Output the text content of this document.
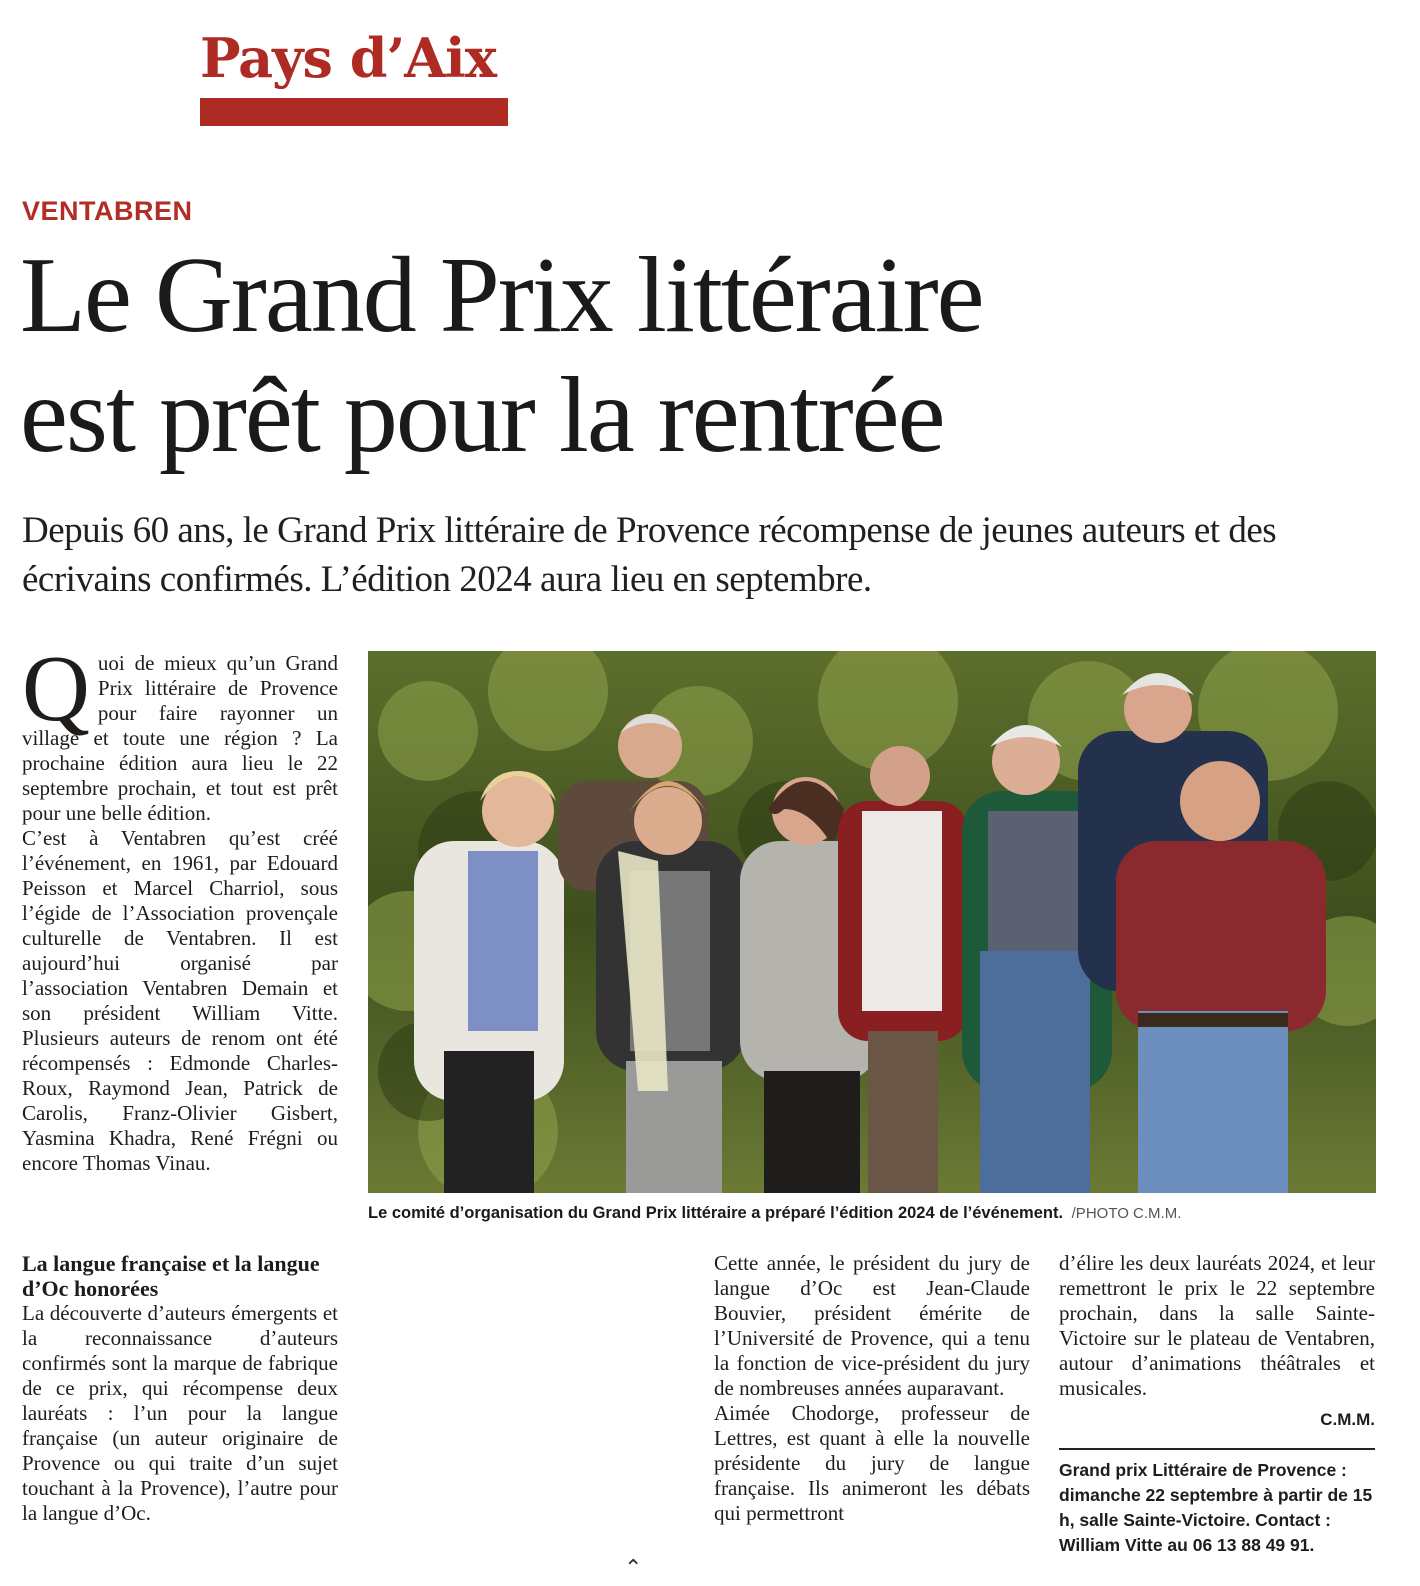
Pays d’Aix
VENTABREN
Le Grand Prix littéraire
est prêt pour la rentrée
Depuis 60 ans, le Grand Prix littéraire de Provence récompense de jeunes auteurs et des écrivains confirmés. L’édition 2024 aura lieu en septembre.
Q uoi de mieux qu’un Grand Prix littéraire de Provence pour faire rayonner un village et toute une région ? La prochaine édition aura lieu le 22 septembre prochain, et tout est prêt pour une belle édition.
C’est à Ventabren qu’est créé l’événement, en 1961, par Edouard Peisson et Marcel Charriol, sous l’égide de l’Association provençale culturelle de Ventabren. Il est aujourd’hui organisé par l’association Ventabren Demain et son président William Vitte. Plusieurs auteurs de renom ont été récompensés : Edmonde Charles-Roux, Raymond Jean, Patrick de Carolis, Franz-Olivier Gisbert, Yasmina Khadra, René Frégni ou encore Thomas Vinau.
Le comité d’organisation du Grand Prix littéraire a préparé l’édition 2024 de l’événement. /PHOTO C.M.M.
La langue française et la langue d’Oc honorées
La découverte d’auteurs émergents et la reconnaissance d’auteurs confirmés sont la marque de fabrique de ce prix, qui récompense deux lauréats : l’un pour la langue française (un auteur originaire de Provence ou qui traite d’un sujet touchant à la Provence), l’autre pour la langue d’Oc.
Cette année, le président du jury de langue d’Oc est Jean-Claude Bouvier, président émérite de l’Université de Provence, qui a tenu la fonction de vice-président du jury de nombreuses années auparavant.
Aimée Chodorge, professeur de Lettres, est quant à elle la nouvelle présidente du jury de langue française. Ils animeront les débats qui permettront
d’élire les deux lauréats 2024, et leur remettront le prix le 22 septembre prochain, dans la salle Sainte-Victoire sur le plateau de Ventabren, autour d’animations théâtrales et musicales.
C.M.M.
Grand prix Littéraire de Provence : dimanche 22 septembre à partir de 15 h, salle Sainte-Victoire. Contact : William Vitte au 06 13 88 49 91.
⌃
